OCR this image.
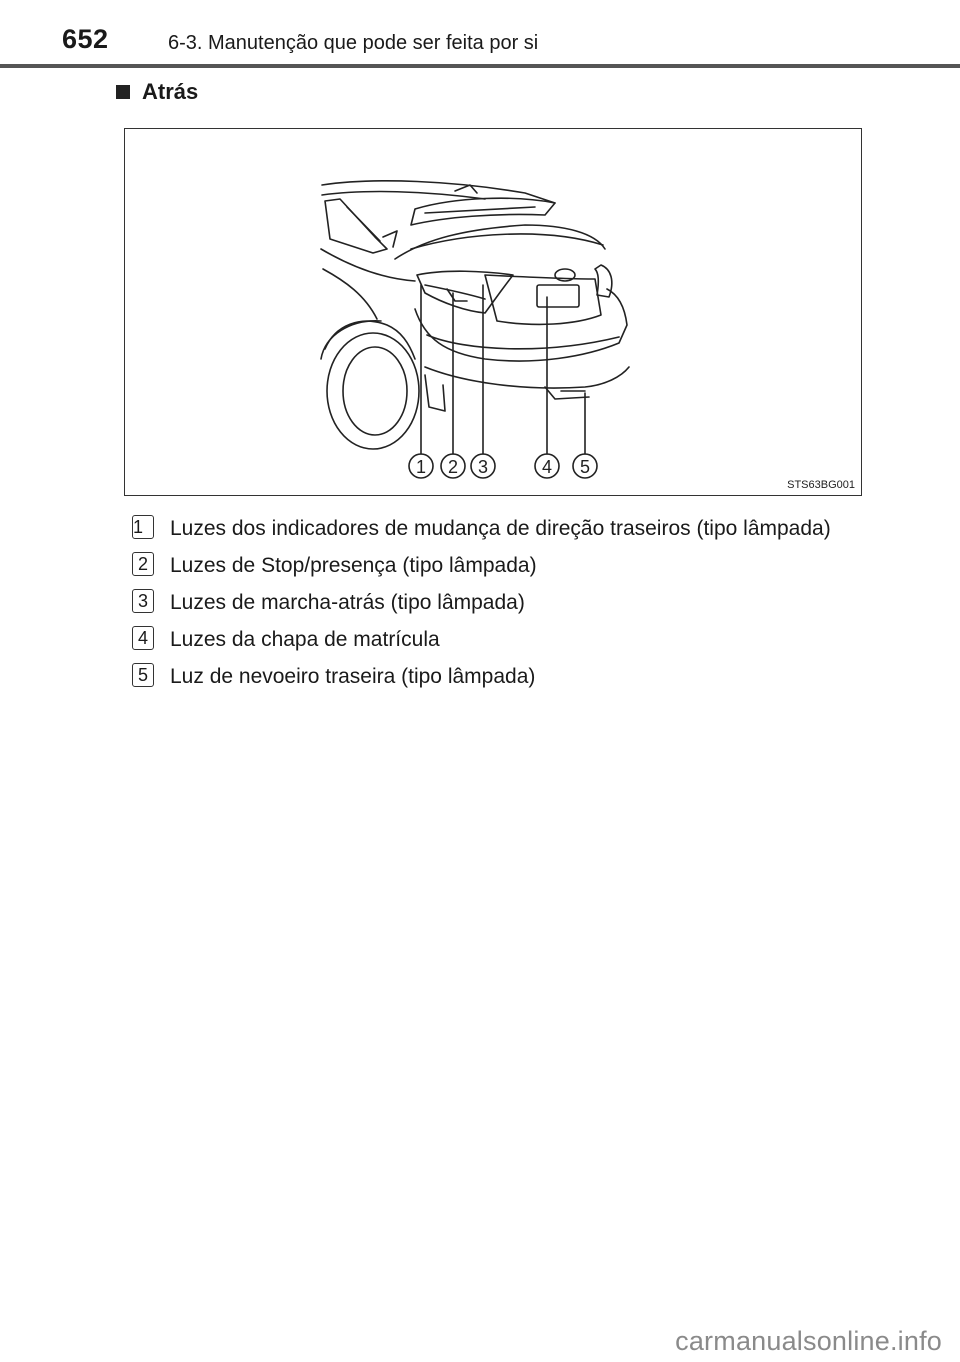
652	6-3. Manutenção que pode ser feita por si
Atrás
1 2 3	4 5
STS63BG001
1	Luzes dos indicadores de mudança de direção traseiros (tipo lâmpada)
2 Luzes de Stop/presença (tipo lâmpada)
3 Luzes de marcha-atrás (tipo lâmpada)
4 Luzes da chapa de matrícula
5 Luz de nevoeiro traseira (tipo lâmpada)
carmanualsonline.info
